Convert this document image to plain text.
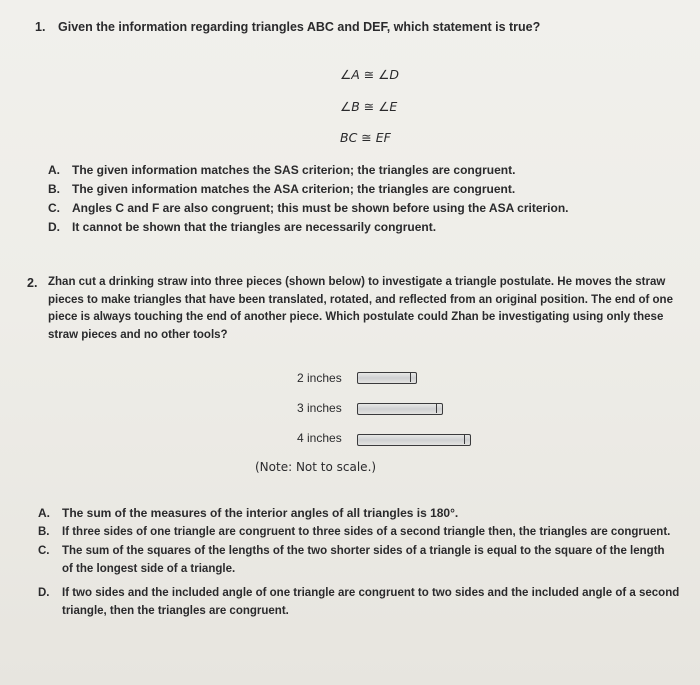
1. Given the information regarding triangles ABC and DEF, which statement is true?
∠A ≅ ∠D
∠B ≅ ∠E
BC ≅ EF
A. The given information matches the SAS criterion; the triangles are congruent.
B. The given information matches the ASA criterion; the triangles are congruent.
C. Angles C and F are also congruent; this must be shown before using the ASA criterion.
D. It cannot be shown that the triangles are necessarily congruent.
2. Zhan cut a drinking straw into three pieces (shown below) to investigate a triangle postulate. He moves the straw
pieces to make triangles that have been translated, rotated, and reflected from an original position. The end of one
piece is always touching the end of another piece. Which postulate could Zhan be investigating using only these
straw pieces and no other tools?
2 inches
3 inches
4 inches
(Note: Not to scale.)
A. The sum of the measures of the interior angles of all triangles is 180°.
B. If three sides of one triangle are congruent to three sides of a second triangle then, the triangles are congruent.
C. The sum of the squares of the lengths of the two shorter sides of a triangle is equal to the square of the length
of the longest side of a triangle.
D. If two sides and the included angle of one triangle are congruent to two sides and the included angle of a second
triangle, then the triangles are congruent.
